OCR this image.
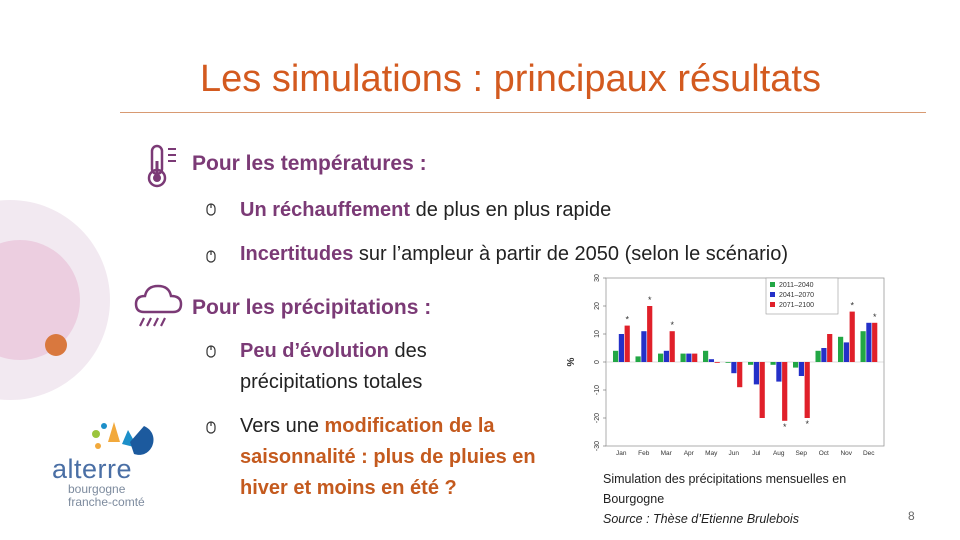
Les simulations : principaux résultats
Pour les températures :
Un réchauffement de plus en plus rapide
Incertitudes sur l’ampleur à partir de 2050 (selon le scénario)
Pour les précipitations :
Peu d’évolution des précipitations totales
Vers une modification de la saisonnalité : plus de pluies en hiver et moins en été ?
-30
-20
-10
0
10
20
30
%
Jan Feb Mar Apr May Jun Jul Aug Sep Oct Nov Dec
*
*
*
* *
*
*
2011–2040
2041–2070
2071–2100
Simulation des précipitations mensuelles en
Bourgogne
Source : Thèse d’Etienne Brulebois	8
alterre
bourgogne
franche-comté
